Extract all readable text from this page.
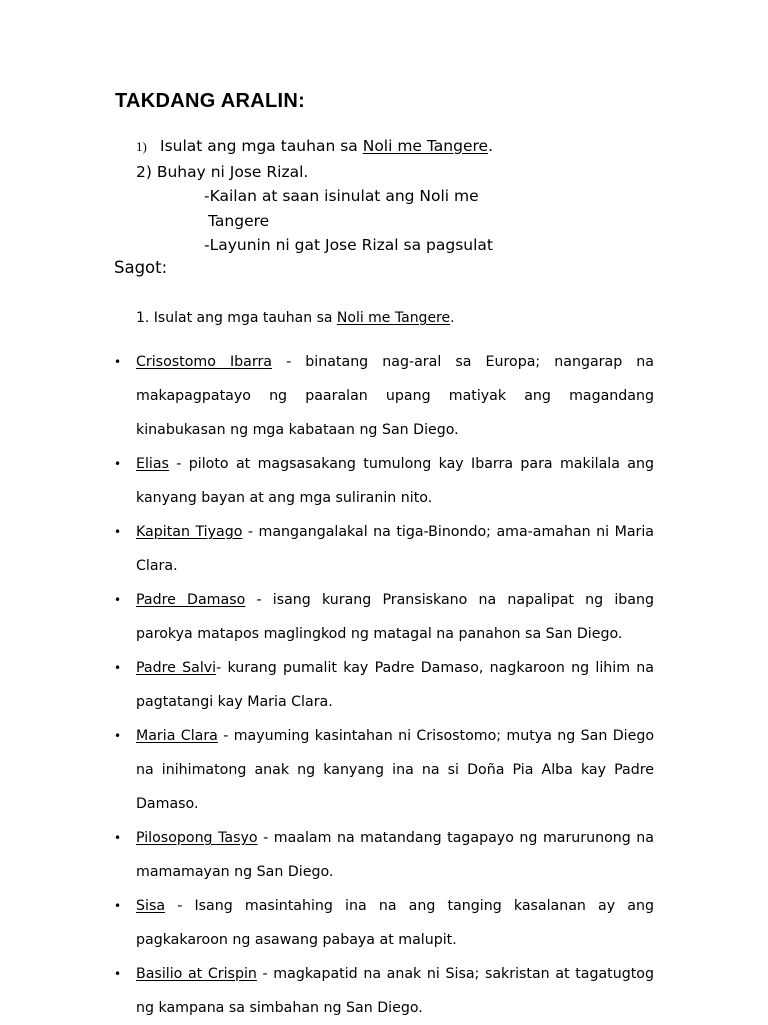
TAKDANG ARALIN:
1) Isulat ang mga tauhan sa Noli me Tangere.
2) Buhay ni Jose Rizal.
-Kailan at saan isinulat ang Noli me
Tangere
-Layunin ni gat Jose Rizal sa pagsulat
Sagot:
1. Isulat ang mga tauhan sa Noli me Tangere.
• Crisostomo Ibarra - binatang nag-aral sa Europa; nangarap na makapagpatayo ng paaralan upang matiyak ang magandang kinabukasan ng mga kabataan ng San Diego.
• Elias - piloto at magsasakang tumulong kay Ibarra para makilala ang kanyang bayan at ang mga suliranin nito.
• Kapitan Tiyago - mangangalakal na tiga-Binondo; ama-amahan ni Maria Clara.
• Padre Damaso - isang kurang Pransiskano na napalipat ng ibang parokya matapos maglingkod ng matagal na panahon sa San Diego.
• Padre Salvi- kurang pumalit kay Padre Damaso, nagkaroon ng lihim na pagtatangi kay Maria Clara.
• Maria Clara - mayuming kasintahan ni Crisostomo; mutya ng San Diego na inihimatong anak ng kanyang ina na si Doña Pia Alba kay Padre Damaso.
• Pilosopong Tasyo - maalam na matandang tagapayo ng marurunong na mamamayan ng San Diego.
• Sisa - Isang masintahing ina na ang tanging kasalanan ay ang pagkakaroon ng asawang pabaya at malupit.
• Basilio at Crispin - magkapatid na anak ni Sisa; sakristan at tagatugtog ng kampana sa simbahan ng San Diego.
